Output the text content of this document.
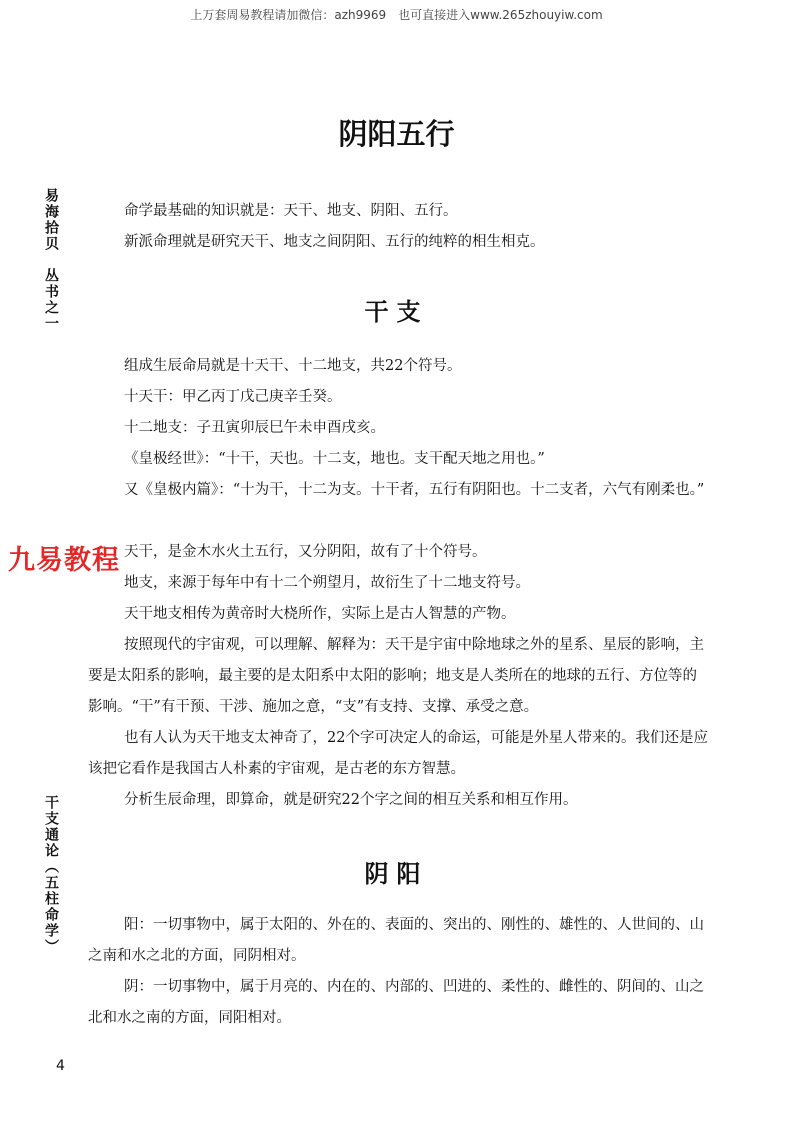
上万套周易教程请加微信：azh9969　也可直接进入www.265zhouyiw.com
易海拾贝　丛书之一
干支通论（五柱命学）
阴阳五行

命学最基础的知识就是：天干、地支、阴阳、五行。

新派命理就是研究天干、地支之间阴阳、五行的纯粹的相生相克。

干支

组成生辰命局就是十天干、十二地支，共22个符号。

十天干：甲乙丙丁戊己庚辛壬癸。

十二地支：子丑寅卯辰巳午未申酉戌亥。

《皇极经世》：“十干，天也。十二支，地也。支干配天地之用也。”

又《皇极内篇》：“十为干，十二为支。十干者，五行有阴阳也。十二支者，六气有刚柔也。”

天干，是金木水火土五行，又分阴阳，故有了十个符号。

地支，来源于每年中有十二个朔望月，故衍生了十二地支符号。

天干地支相传为黄帝时大桡所作，实际上是古人智慧的产物。

按照现代的宇宙观，可以理解、解释为：天干是宇宙中除地球之外的星系、星辰的影响，主要是太阳系的影响，最主要的是太阳系中太阳的影响；地支是人类所在的地球的五行、方位等的影响。“干”有干预、干涉、施加之意，“支”有支持、支撑、承受之意。

也有人认为天干地支太神奇了，22个字可决定人的命运，可能是外星人带来的。我们还是应该把它看作是我国古人朴素的宇宙观，是古老的东方智慧。

分析生辰命理，即算命，就是研究22个字之间的相互关系和相互作用。

阴阳

阳：一切事物中，属于太阳的、外在的、表面的、突出的、刚性的、雄性的、人世间的、山之南和水之北的方面，同阴相对。

阴：一切事物中，属于月亮的、内在的、内部的、凹进的、柔性的、雌性的、阴间的、山之北和水之南的方面，同阳相对。

九易教程
4
